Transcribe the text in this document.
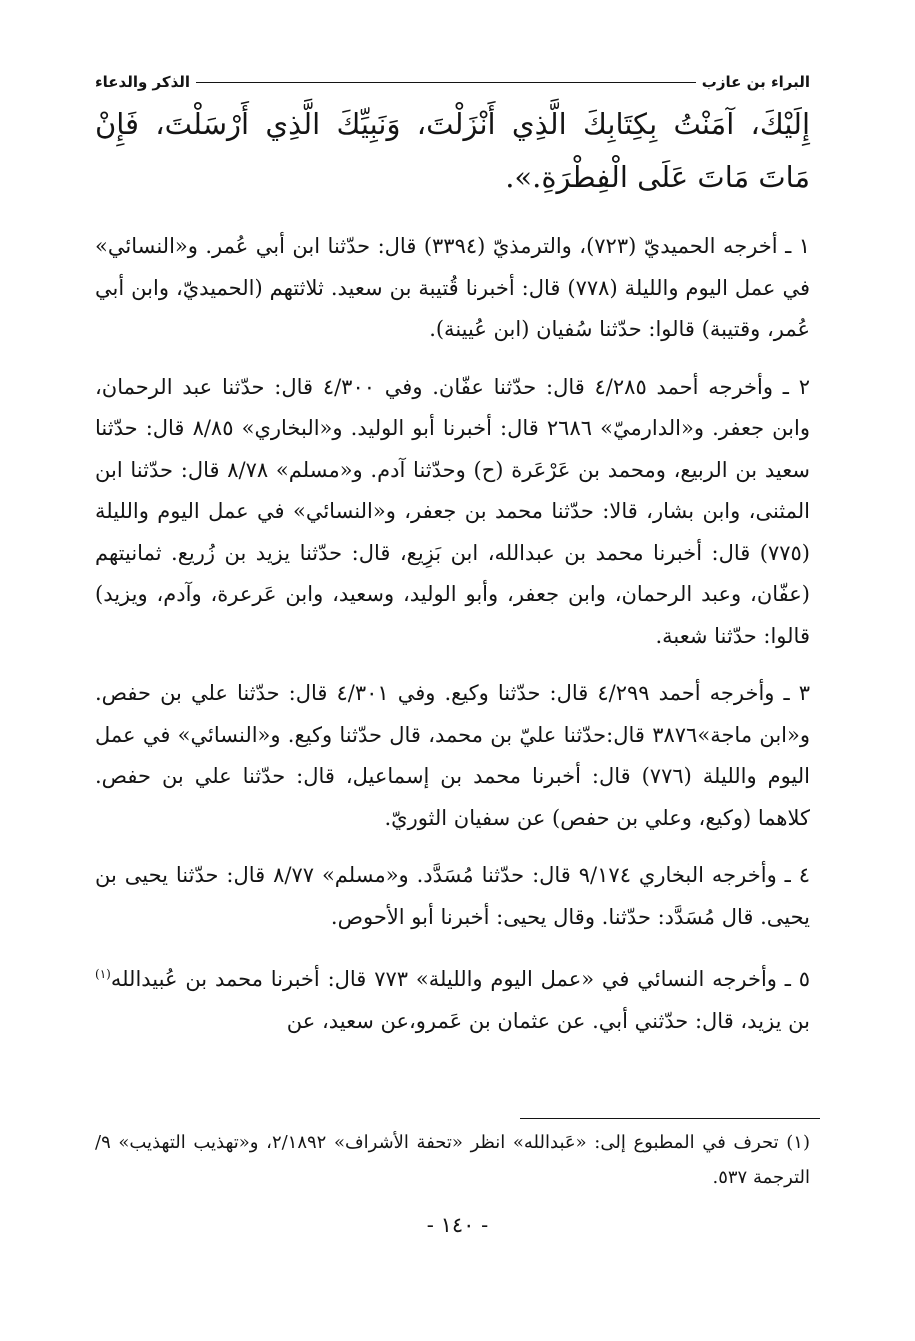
البراء بن عازب
الذكر والدعاء
إِلَيْكَ، آمَنْتُ بِكِتَابِكَ الَّذِي أَنْزَلْتَ، وَنَبِيِّكَ الَّذِي أَرْسَلْتَ، فَإِنْ مَاتَ مَاتَ عَلَى الْفِطْرَةِ.».
١ ـ أخرجه الحميديّ (٧٢٣)، والترمذيّ (٣٣٩٤) قال: حدّثنا ابن أبي عُمر. و«النسائي» في عمل اليوم والليلة (٧٧٨) قال: أخبرنا قُتيبة بن سعيد. ثلاثتهم (الحميديّ، وابن أبي عُمر، وقتيبة) قالوا: حدّثنا سُفيان (ابن عُيينة).
٢ ـ وأخرجه أحمد ٤/٢٨٥ قال: حدّثنا عفّان. وفي ٤/٣٠٠ قال: حدّثنا عبد الرحمان، وابن جعفر. و«الدارميّ» ٢٦٨٦ قال: أخبرنا أبو الوليد. و«البخاري» ٨/٨٥ قال: حدّثنا سعيد بن الربيع، ومحمد بن عَرْعَرة (ح) وحدّثنا آدم. و«مسلم» ٨/٧٨ قال: حدّثنا ابن المثنى، وابن بشار، قالا: حدّثنا محمد بن جعفر، و«النسائي» في عمل اليوم والليلة (٧٧٥) قال: أخبرنا محمد بن عبدالله، ابن بَزِيع، قال: حدّثنا يزيد بن زُريع. ثمانيتهم (عفّان، وعبد الرحمان، وابن جعفر، وأبو الوليد، وسعيد، وابن عَرعرة، وآدم، ويزيد) قالوا: حدّثنا شعبة.
٣ ـ وأخرجه أحمد ٤/٢٩٩ قال: حدّثنا وكيع. وفي ٤/٣٠١ قال: حدّثنا علي بن حفص. و«ابن ماجة»٣٨٧٦ قال:حدّثنا عليّ بن محمد، قال حدّثنا وكيع. و«النسائي» في عمل اليوم والليلة (٧٧٦) قال: أخبرنا محمد بن إسماعيل، قال: حدّثنا علي بن حفص. كلاهما (وكيع، وعلي بن حفص) عن سفيان الثوريّ.
٤ ـ وأخرجه البخاري ٩/١٧٤ قال: حدّثنا مُسَدَّد. و«مسلم» ٨/٧٧ قال: حدّثنا يحيى بن يحيى. قال مُسَدَّد: حدّثنا. وقال يحيى: أخبرنا أبو الأحوص.
٥ ـ وأخرجه النسائي في «عمل اليوم والليلة» ٧٧٣ قال: أخبرنا محمد بن عُبيدالله$^{(١)}$ بن يزيد، قال: حدّثني أبي. عن عثمان بن عَمرو،عن سعيد، عن
(١) تحرف في المطبوع إلى: «عَبدالله» انظر «تحفة الأشراف» ٢/١٨٩٢، و«تهذيب التهذيب» ٩/الترجمة ٥٣٧.
- ١٤٠ -
